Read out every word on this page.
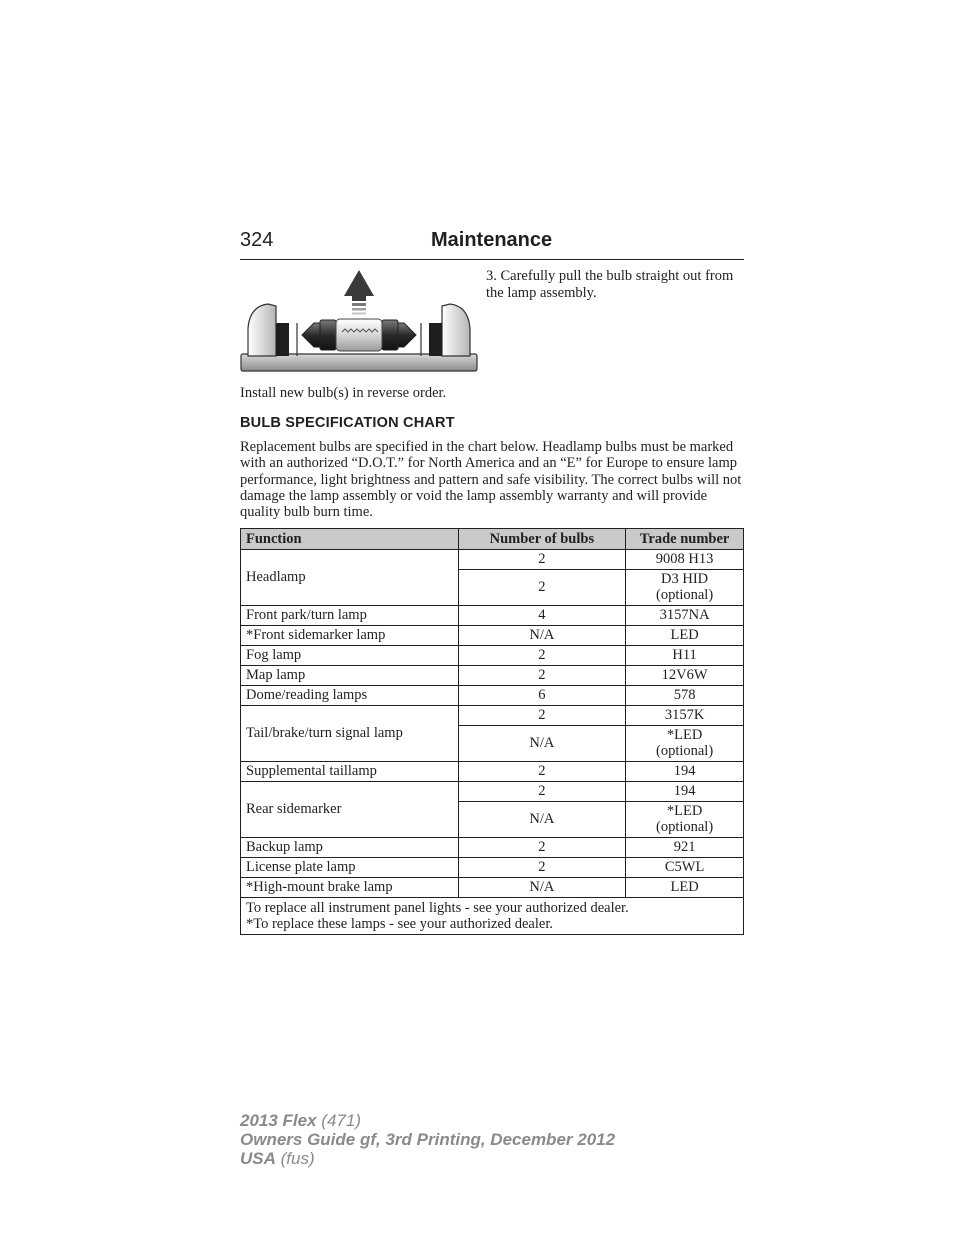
324	Maintenance
3. Carefully pull the bulb straight out from the lamp assembly.
Install new bulb(s) in reverse order.
BULB SPECIFICATION CHART

Replacement bulbs are specified in the chart below. Headlamp bulbs must be marked with an authorized “D.O.T.” for North America and an “E” for Europe to ensure lamp performance, light brightness and pattern and safe visibility. The correct bulbs will not damage the lamp assembly or void the lamp assembly warranty and will provide quality bulb burn time.

Function	Number of bulbs	Trade number
Headlamp	2	9008 H13
	2	D3 HID
(optional)

Front park/turn lamp	4	3157NA
*Front sidemarker lamp	N/A	LED
Fog lamp	2	H11
Map lamp	2	12V6W
Dome/reading lamps	6	578
Tail/brake/turn signal lamp	2	3157K
	N/A	*LED
(optional)

Supplemental taillamp	2	194
Rear sidemarker	2	194
	N/A	*LED
(optional)

Backup lamp	2	921
License plate lamp	2	C5WL
*High-mount brake lamp	N/A	LED

To replace all instrument panel lights - see your authorized dealer.
*To replace these lamps - see your authorized dealer.		
2013 Flex (471)
Owners Guide gf, 3rd Printing, December 2012
USA (fus)
